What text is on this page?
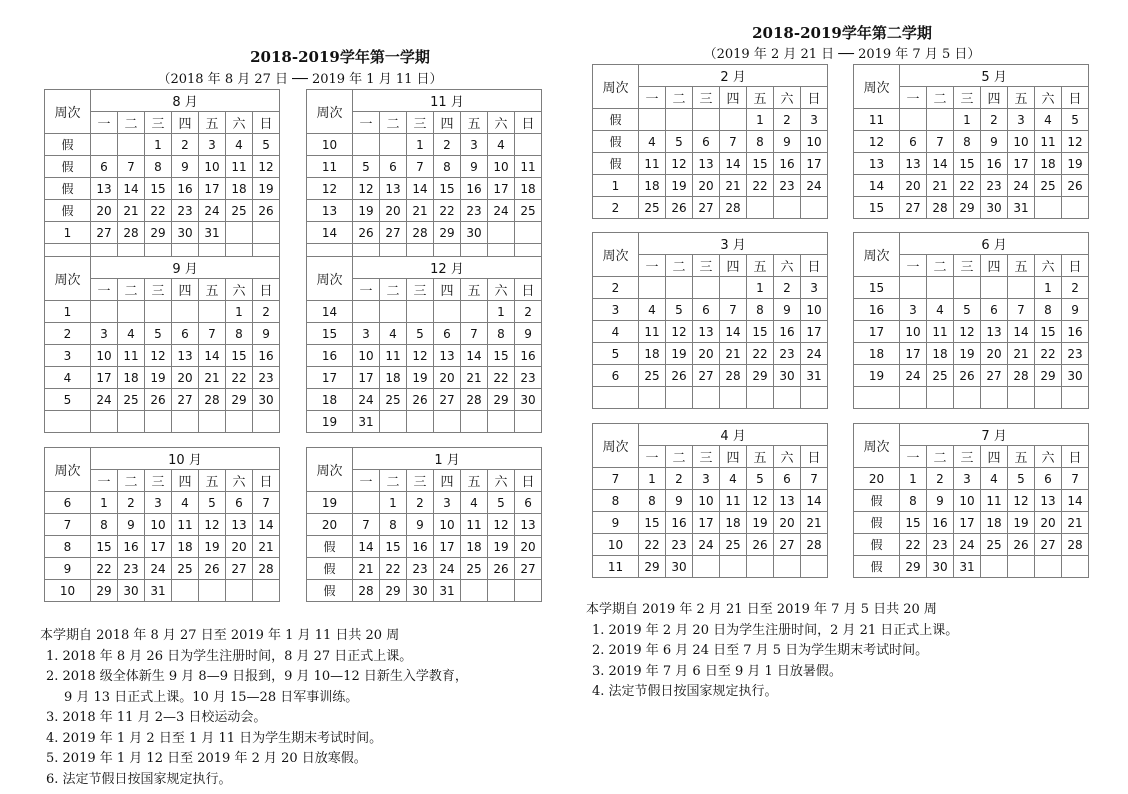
2018-2019学年第一学期
（2018 年 8 月 27 日 ── 2019 年 1 月 11 日）
2018-2019学年第二学期
（2019 年 2 月 21 日 ── 2019 年 7 月 5 日）
周次	8 月						
	一	二	三	四	五	六	日
假			1	2	3	4	5
假	6	7	8	9	10	11	12
假	13	14	15	16	17	18	19
假	20	21	22	23	24	25	26
1	27	28	29	30	31		

周次	11 月						
	一	二	三	四	五	六	日
10			1	2	3	4	
11	5	6	7	8	9	10	11
12	12	13	14	15	16	17	18
13	19	20	21	22	23	24	25
14	26	27	28	29	30		

周次	9 月						
	一	二	三	四	五	六	日
1						1	2
2	3	4	5	6	7	8	9
3	10	11	12	13	14	15	16
4	17	18	19	20	21	22	23
5	24	25	26	27	28	29	30

周次	12 月						
	一	二	三	四	五	六	日
14						1	2
15	3	4	5	6	7	8	9
16	10	11	12	13	14	15	16
17	17	18	19	20	21	22	23
18	24	25	26	27	28	29	30
19	31						
周次	10 月						
	一	二	三	四	五	六	日
6	1	2	3	4	5	6	7
7	8	9	10	11	12	13	14
8	15	16	17	18	19	20	21
9	22	23	24	25	26	27	28
10	29	30	31				
周次	1 月						
	一	二	三	四	五	六	日
19		1	2	3	4	5	6
20	7	8	9	10	11	12	13
假	14	15	16	17	18	19	20
假	21	22	23	24	25	26	27
假	28	29	30	31			
周次	2 月						
	一	二	三	四	五	六	日
假					1	2	3
假	4	5	6	7	8	9	10
假	11	12	13	14	15	16	17
1	18	19	20	21	22	23	24
2	25	26	27	28			
周次	5 月						
	一	二	三	四	五	六	日
11			1	2	3	4	5
12	6	7	8	9	10	11	12
13	13	14	15	16	17	18	19
14	20	21	22	23	24	25	26
15	27	28	29	30	31		
周次	3 月						
	一	二	三	四	五	六	日
2					1	2	3
3	4	5	6	7	8	9	10
4	11	12	13	14	15	16	17
5	18	19	20	21	22	23	24
6	25	26	27	28	29	30	31

周次	6 月						
	一	二	三	四	五	六	日
15						1	2
16	3	4	5	6	7	8	9
17	10	11	12	13	14	15	16
18	17	18	19	20	21	22	23
19	24	25	26	27	28	29	30

周次	4 月						
	一	二	三	四	五	六	日
7	1	2	3	4	5	6	7
8	8	9	10	11	12	13	14
9	15	16	17	18	19	20	21
10	22	23	24	25	26	27	28
11	29	30					
周次	7 月						
	一	二	三	四	五	六	日
20	1	2	3	4	5	6	7
假	8	9	10	11	12	13	14
假	15	16	17	18	19	20	21
假	22	23	24	25	26	27	28
假	29	30	31				
本学期自 2018 年 8 月 27 日至 2019 年 1 月 11 日共 20 周
1. 2018 年 8 月 26 日为学生注册时间，8 月 27 日正式上课。
2. 2018 级全体新生 9 月 8—9 日报到，9 月 10—12 日新生入学教育，
9 月 13 日正式上课。10 月 15—28 日军事训练。
3. 2018 年 11 月 2—3 日校运动会。
4. 2019 年 1 月 2 日至 1 月 11 日为学生期末考试时间。
5. 2019 年 1 月 12 日至 2019 年 2 月 20 日放寒假。
6. 法定节假日按国家规定执行。
本学期自 2019 年 2 月 21 日至 2019 年 7 月 5 日共 20 周
1. 2019 年 2 月 20 日为学生注册时间，2 月 21 日正式上课。
2. 2019 年 6 月 24 日至 7 月 5 日为学生期末考试时间。
3. 2019 年 7 月 6 日至 9 月 1 日放暑假。
4. 法定节假日按国家规定执行。
